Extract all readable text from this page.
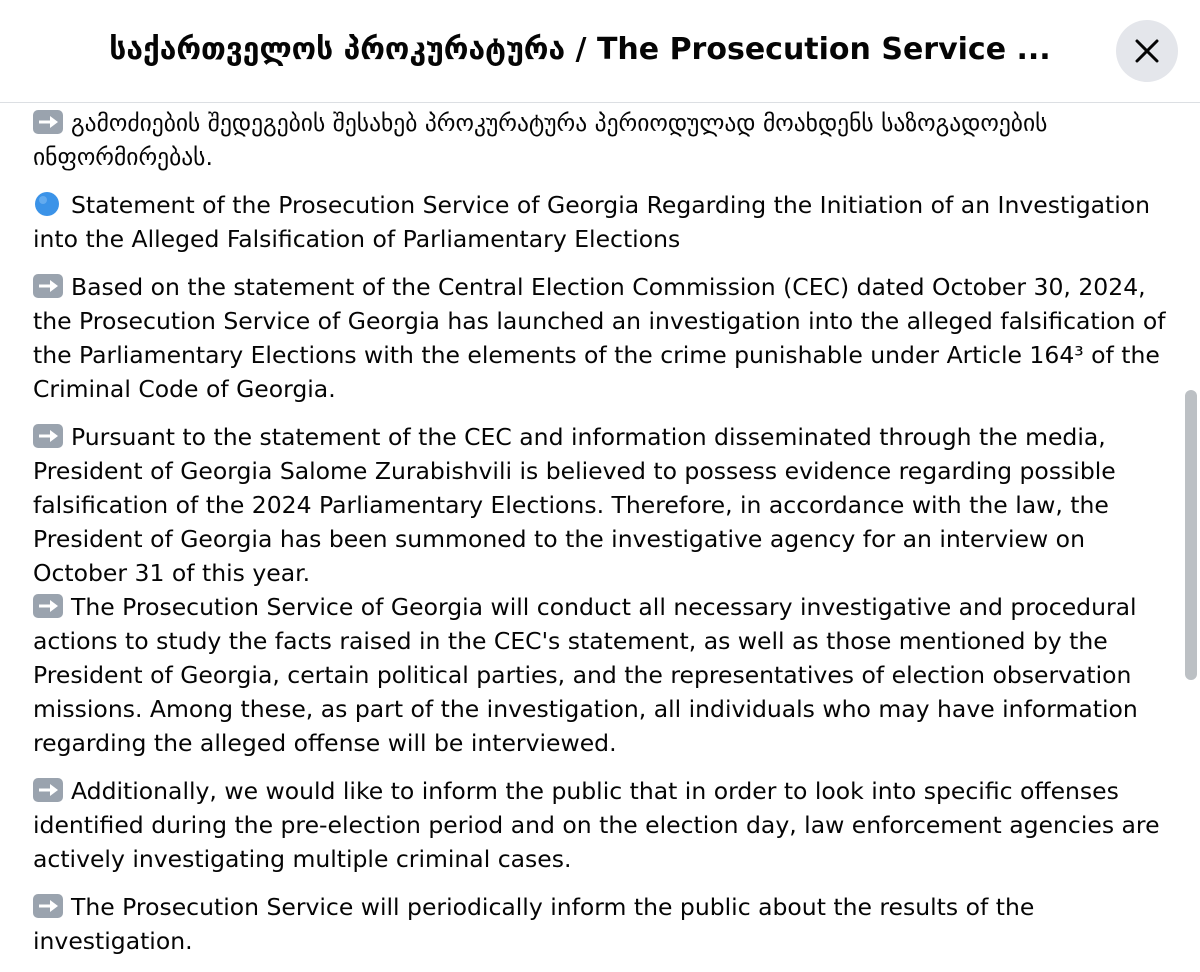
საქართველოს პროკურატურა / The Prosecution Service ...

გამოძიების შედეგების შესახებ პროკურატურა პერიოდულად მოახდენს საზოგადოების ინფორმირებას.

Statement of the Prosecution Service of Georgia Regarding the Initiation of an Investigation into the Alleged Falsification of Parliamentary Elections

Based on the statement of the Central Election Commission (CEC) dated October 30, 2024, the Prosecution Service of Georgia has launched an investigation into the alleged falsification of the Parliamentary Elections with the elements of the crime punishable under Article 164³ of the Criminal Code of Georgia.

Pursuant to the statement of the CEC and information disseminated through the media, President of Georgia Salome Zurabishvili is believed to possess evidence regarding possible falsification of the 2024 Parliamentary Elections. Therefore, in accordance with the law, the President of Georgia has been summoned to the investigative agency for an interview on October 31 of this year.

The Prosecution Service of Georgia will conduct all necessary investigative and procedural actions to study the facts raised in the CEC's statement, as well as those mentioned by the President of Georgia, certain political parties, and the representatives of election observation missions. Among these, as part of the investigation, all individuals who may have information regarding the alleged offense will be interviewed.

Additionally, we would like to inform the public that in order to look into specific offenses identified during the pre-election period and on the election day, law enforcement agencies are actively investigating multiple criminal cases.

The Prosecution Service will periodically inform the public about the results of the investigation.
